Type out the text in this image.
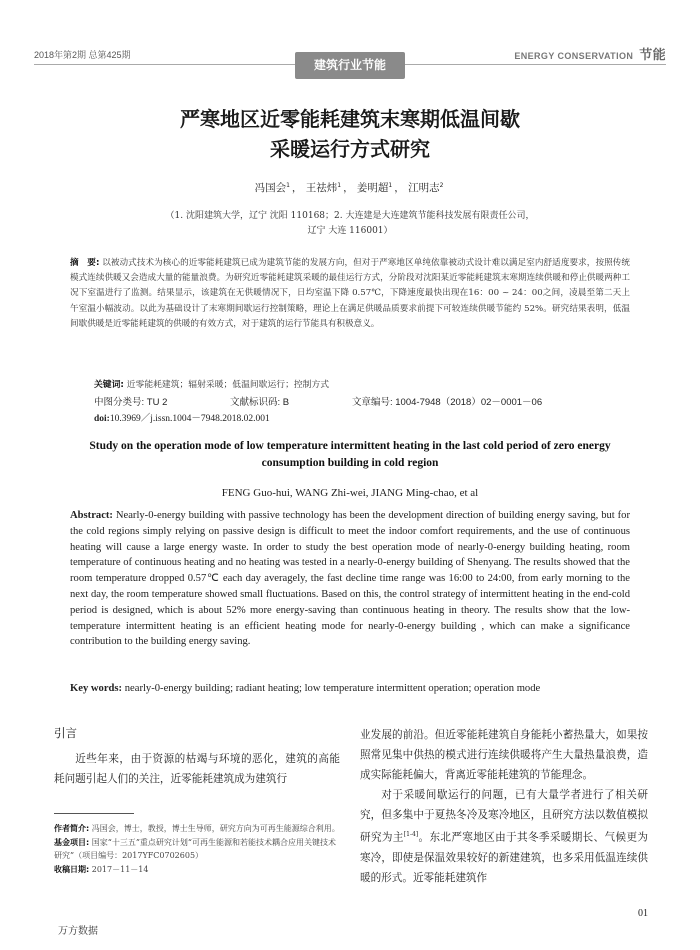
2018年第2期 总第425期	ENERGY CONSERVATION 节能
建筑行业节能
严寒地区近零能耗建筑末寒期低温间歇
采暖运行方式研究
冯国会$^1$ ， 王祛炜$^1$ ， 姜明超$^1$ ， 江明志$^2$
（1. 沈阳建筑大学，辽宁 沈阳 110168；2. 大连建是大连建筑节能科技发展有限责任公司，
辽宁 大连 116001）
摘　要: 以被动式技术为核心的近零能耗建筑已成为建筑节能的发展方向，但对于严寒地区单纯依靠被动式设计难以满足室内舒适度要求，按照传统模式连续供暖又会造成大量的能量浪费。为研究近零能耗建筑采暖的最佳运行方式，分阶段对沈阳某近零能耗建筑末寒期连续供暖和停止供暖两种工况下室温进行了监测。结果显示，该建筑在无供暖情况下，日均室温下降 0.57℃，下降速度最快出现在16：00 ~ 24：00之间，凌晨至第二天上午室温小幅波动。以此为基础设计了末寒期间歇运行控制策略，理论上在满足供暖品质要求前提下可较连续供暖节能约 52%。研究结果表明，低温间歇供暖是近零能耗建筑的供暖的有效方式，对于建筑的运行节能具有积极意义。
关键词: 近零能耗建筑；辐射采暖；低温间歇运行；控制方式
中图分类号: TU 2	文献标识码: B	文章编号: 1004-7948（2018）02－0001－06
doi:10.3969／j.issn.1004－7948.2018.02.001
Study on the operation mode of low temperature intermittent heating in the last cold period of zero energy consumption building in cold region
FENG Guo-hui, WANG Zhi-wei, JIANG Ming-chao, et al
Abstract: Nearly-0-energy building with passive technology has been the development direction of building energy saving, but for the cold regions simply relying on passive design is difficult to meet the indoor comfort requirements, and the use of continuous heating will cause a large energy waste. In order to study the best operation mode of nearly-0-energy building heating, room temperature of continuous heating and no heating was tested in a nearly-0-energy building of Shenyang. The results showed that the room temperature dropped 0.57℃ each day averagely, the fast decline time range was 16:00 to 24:00, from early morning to the next day, the room temperature showed small fluctuations. Based on this, the control strategy of intermittent heating in the end-cold period is designed, which is about 52% more energy-saving than continuous heating in theory. The results show that the low-temperature intermittent heating is an efficient heating mode for nearly-0-energy building , which can make a significance contribution to the building energy saving.
Key words: nearly-0-energy building; radiant heating; low temperature intermittent operation; operation mode
引言
近些年来，由于资源的枯竭与环境的恶化，建筑的高能耗问题引起人们的关注，近零能耗建筑成为建筑行
业发展的前沿。但近零能耗建筑自身能耗小蓄热量大，如果按照常见集中供热的模式进行连续供暖将产生大量热量浪费，造成实际能耗偏大，背离近零能耗建筑的节能理念。
对于采暖间歇运行的问题，已有大量学者进行了相关研究，但多集中于夏热冬冷及寒冷地区，且研究方法以数值模拟研究为主[1-4]。东北严寒地区由于其冬季采暖期长、气候更为寒冷，即使是保温效果较好的新建建筑，也多采用低温连续供暖的形式。近零能耗建筑作
作者简介: 冯国会，博士，教授，博士生导师，研究方向为可再生能源综合利用。
基金项目: 国家“十三五”重点研究计划“可再生能源和若能技术耦合应用关键技术研究”（项目编号：2017YFC0702605）
收稿日期: 2017－11－14
01
万方数据
